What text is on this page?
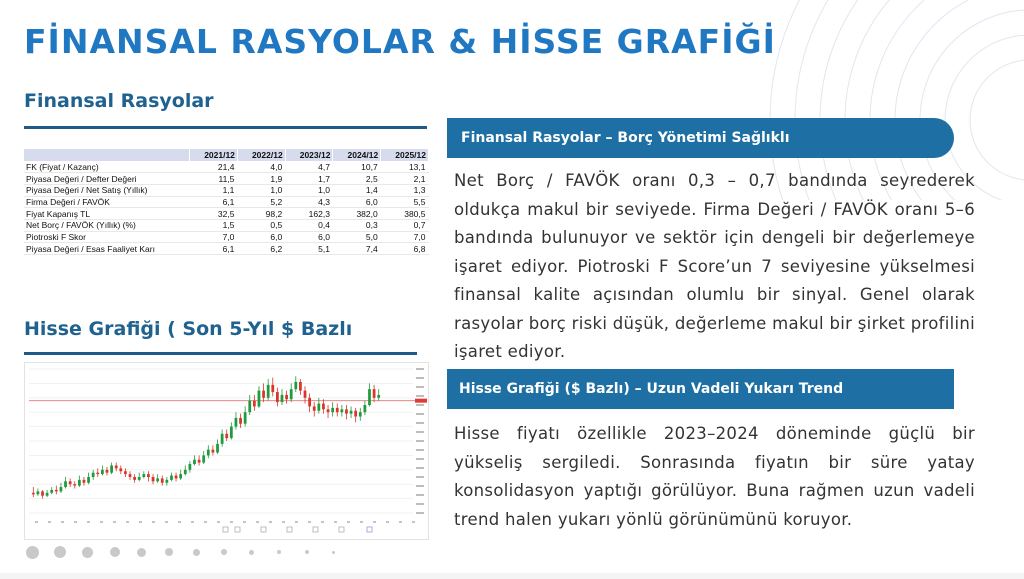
FİNANSAL RASYOLAR & HİSSE GRAFİĞİ
Finansal Rasyolar
	2021/12	2022/12	2023/12	2024/12	2025/12
FK (Fiyat / Kazanç)	21,4	4,0	4,7	10,7	13,1
Piyasa Değeri / Defter Değeri	11,5	1,9	1,7	2,5	2,1
Piyasa Değeri / Net Satış (Yıllık)	1,1	1,0	1,0	1,4	1,3
Firma Değeri / FAVÖK	6,1	5,2	4,3	6,0	5,5
Fiyat Kapanış TL	32,5	98,2	162,3	382,0	380,5
Net Borç / FAVÖK (Yıllık) (%)	1,5	0,5	0,4	0,3	0,7
Piotroski F Skor	7,0	6,0	6,0	5,0	7,0
Piyasa Değeri / Esas Faaliyet Karı	6,1	6,2	5,1	7,4	6,8
Hisse Grafiği ( Son 5-Yıl $ Bazlı
Finansal Rasyolar – Borç Yönetimi Sağlıklı
Net Borç / FAVÖK oranı 0,3 – 0,7 bandında seyrederek oldukça makul bir seviyede. Firma Değeri / FAVÖK oranı 5–6 bandında bulunuyor ve sektör için dengeli bir değerlemeye işaret ediyor. Piotroski F Score’un 7 seviyesine yükselmesi finansal kalite açısından olumlu bir sinyal. Genel olarak rasyolar borç riski düşük, değerleme makul bir şirket profilini işaret ediyor.
Hisse Grafiği ($ Bazlı) – Uzun Vadeli Yukarı Trend
Hisse fiyatı özellikle 2023–2024 döneminde güçlü bir yükseliş sergiledi. Sonrasında fiyatın bir süre yatay konsolidasyon yaptığı görülüyor. Buna rağmen uzun vadeli trend halen yukarı yönlü görünümünü koruyor.
